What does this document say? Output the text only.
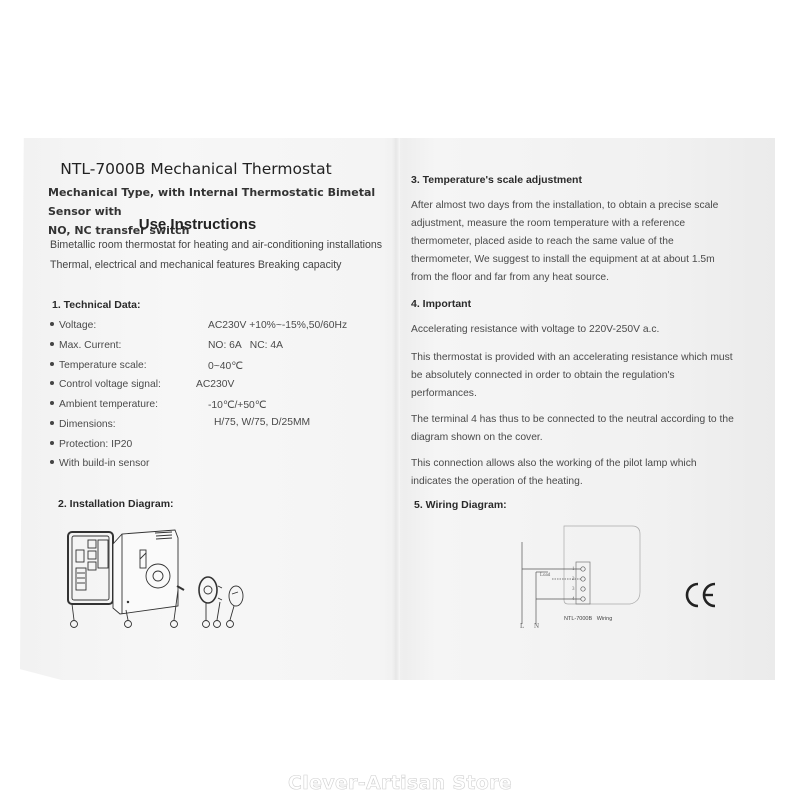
NTL-7000B Mechanical Thermostat
Mechanical Type, with Internal Thermostatic Bimetal Sensor with
NO, NC transfer switch
Use Instructions
Bimetallic room thermostat for heating and air-conditioning installations
Thermal, electrical and mechanical features Breaking capacity
1. Technical Data:
Voltage:	AC230V +10%~-15%,50/60Hz
Max. Current:	NO: 6A   NC: 4A
Temperature scale:	0~40℃
Control voltage signal:	AC230V
Ambient temperature:	-10℃/+50℃
Dimensions:	H/75, W/75, D/25MM
Protection: IP20
With build-in sensor
2. Installation Diagram:
3. Temperature's scale adjustment
After almost two days from the installation, to obtain a precise scale
adjustment, measure the room temperature with a reference
thermometer, placed aside to reach the same value of the
thermometer, We suggest to install the equipment at at about 1.5m
from the floor and far from any heat source.
4. Important
Accelerating resistance with voltage to 220V-250V a.c.
This thermostat is provided with an accelerating resistance which must
be absolutely connected in order to obtain the regulation's
performances.
The terminal 4 has thus to be connected to the neutral according to the
diagram shown on the cover.
This connection allows also the working of the pilot lamp which
indicates the operation of the heating.
5. Wiring Diagram:
Load
1
2
3
4
L N
NTL-7000B   Wiring
Clever-Artisan Store
